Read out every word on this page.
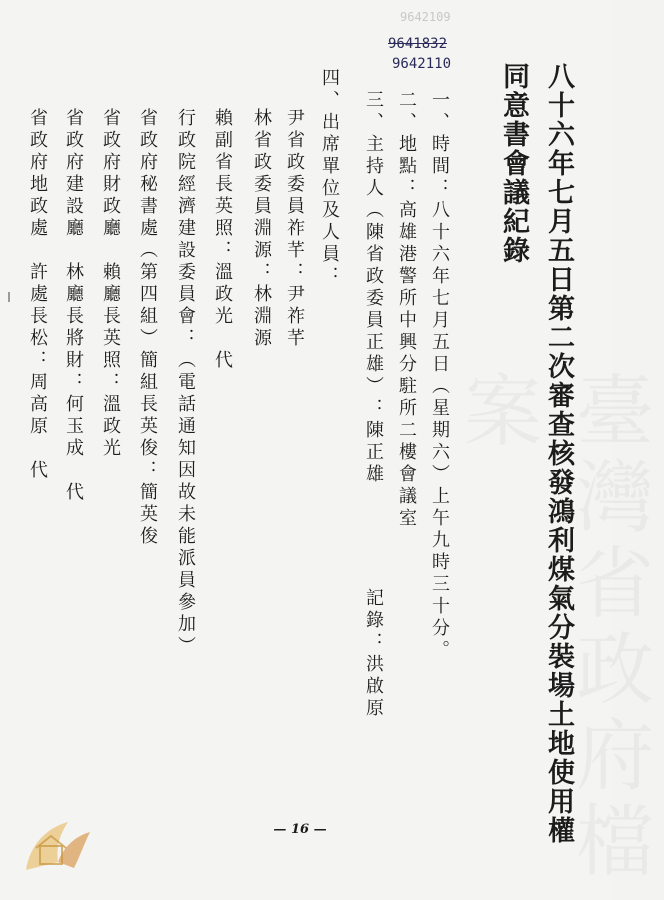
9642109
9641832
9642110
臺灣省政府檔案 八十六年七月五日第二次審查核發鴻利煤氣分裝場土地使用權
同意書會議紀錄
一、時間：八十六年七月五日（星期六）上午九時三十分。
二、地點：高雄港警所中興分駐所二樓會議室
三、主持人（陳省政委員正雄）：陳正雄
記錄：洪啟原
四、出席單位及人員：
尹省政委員祚芊：尹祚芊
林省政委員淵源：林淵源
賴副省長英照：溫政光　代
行政院經濟建設委員會：（電話通知因故未能派員參加）
省政府秘書處（第四組）簡組長英俊：簡英俊
省政府財政廳　賴廳長英照：溫政光
省政府建設廳　林廳長將財：何玉成　代
省政府地政處　許處長松：周高原　代
— 16 —
